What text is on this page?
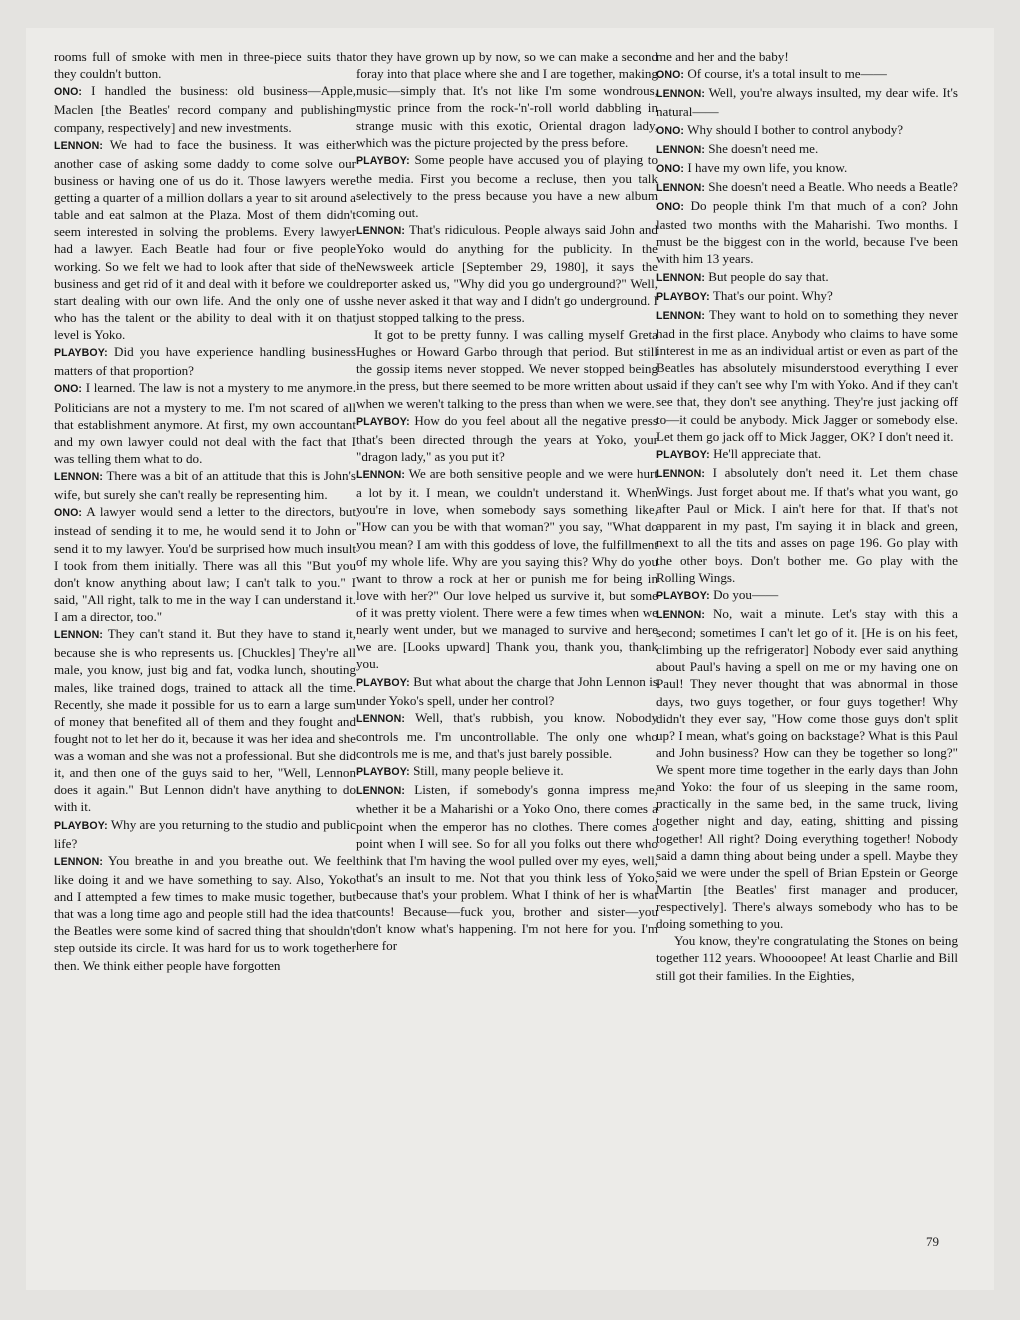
rooms full of smoke with men in three-piece suits that they couldn't button.

ONO: I handled the business: old business—Apple, Maclen [the Beatles' record company and publishing company, respectively] and new investments.

LENNON: We had to face the business. It was either another case of asking some daddy to come solve our business or having one of us do it. Those lawyers were getting a quarter of a million dollars a year to sit around a table and eat salmon at the Plaza. Most of them didn't seem interested in solving the problems. Every lawyer had a lawyer. Each Beatle had four or five people working. So we felt we had to look after that side of the business and get rid of it and deal with it before we could start dealing with our own life. And the only one of us who has the talent or the ability to deal with it on that level is Yoko.

PLAYBOY: Did you have experience handling business matters of that proportion?

ONO: I learned. The law is not a mystery to me anymore. Politicians are not a mystery to me. I'm not scared of all that establishment anymore. At first, my own accountant and my own lawyer could not deal with the fact that I was telling them what to do.

LENNON: There was a bit of an attitude that this is John's wife, but surely she can't really be representing him.

ONO: A lawyer would send a letter to the directors, but instead of sending it to me, he would send it to John or send it to my lawyer. You'd be surprised how much insult I took from them initially. There was all this "But you don't know anything about law; I can't talk to you." I said, "All right, talk to me in the way I can understand it. I am a director, too."

LENNON: They can't stand it. But they have to stand it, because she is who represents us. [Chuckles] They're all male, you know, just big and fat, vodka lunch, shouting males, like trained dogs, trained to attack all the time. Recently, she made it possible for us to earn a large sum of money that benefited all of them and they fought and fought not to let her do it, because it was her idea and she was a woman and she was not a professional. But she did it, and then one of the guys said to her, "Well, Lennon does it again." But Lennon didn't have anything to do with it.

PLAYBOY: Why are you returning to the studio and public life?

LENNON: You breathe in and you breathe out. We feel like doing it and we have something to say. Also, Yoko and I attempted a few times to make music together, but that was a long time ago and people still had the idea that the Beatles were some kind of sacred thing that shouldn't step outside its circle. It was hard for us to work together then. We think either people have forgotten

or they have grown up by now, so we can make a second foray into that place where she and I are together, making music—simply that. It's not like I'm some wondrous, mystic prince from the rock-'n'-roll world dabbling in strange music with this exotic, Oriental dragon lady, which was the picture projected by the press before.

PLAYBOY: Some people have accused you of playing to the media. First you become a recluse, then you talk selectively to the press because you have a new album coming out.

LENNON: That's ridiculous. People always said John and Yoko would do anything for the publicity. In the Newsweek article [September 29, 1980], it says the reporter asked us, "Why did you go underground?" Well, she never asked it that way and I didn't go underground. I just stopped talking to the press.

It got to be pretty funny. I was calling myself Greta Hughes or Howard Garbo through that period. But still the gossip items never stopped. We never stopped being in the press, but there seemed to be more written about us when we weren't talking to the press than when we were.

PLAYBOY: How do you feel about all the negative press that's been directed through the years at Yoko, your "dragon lady," as you put it?

LENNON: We are both sensitive people and we were hurt a lot by it. I mean, we couldn't understand it. When you're in love, when somebody says something like, "How can you be with that woman?" you say, "What do you mean? I am with this goddess of love, the fulfillment of my whole life. Why are you saying this? Why do you want to throw a rock at her or punish me for being in love with her?" Our love helped us survive it, but some of it was pretty violent. There were a few times when we nearly went under, but we managed to survive and here we are. [Looks upward] Thank you, thank you, thank you.

PLAYBOY: But what about the charge that John Lennon is under Yoko's spell, under her control?

LENNON: Well, that's rubbish, you know. Nobody controls me. I'm uncontrollable. The only one who controls me is me, and that's just barely possible.

PLAYBOY: Still, many people believe it.

LENNON: Listen, if somebody's gonna impress me, whether it be a Maharishi or a Yoko Ono, there comes a point when the emperor has no clothes. There comes a point when I will see. So for all you folks out there who think that I'm having the wool pulled over my eyes, well, that's an insult to me. Not that you think less of Yoko, because that's your problem. What I think of her is what counts! Because—fuck you, brother and sister—you don't know what's happening. I'm not here for you. I'm here for

me and her and the baby!

ONO: Of course, it's a total insult to me——

LENNON: Well, you're always insulted, my dear wife. It's natural——

ONO: Why should I bother to control anybody?

LENNON: She doesn't need me.

ONO: I have my own life, you know.

LENNON: She doesn't need a Beatle. Who needs a Beatle?

ONO: Do people think I'm that much of a con? John lasted two months with the Maharishi. Two months. I must be the biggest con in the world, because I've been with him 13 years.

LENNON: But people do say that.

PLAYBOY: That's our point. Why?

LENNON: They want to hold on to something they never had in the first place. Anybody who claims to have some interest in me as an individual artist or even as part of the Beatles has absolutely misunderstood everything I ever said if they can't see why I'm with Yoko. And if they can't see that, they don't see anything. They're just jacking off to—it could be anybody. Mick Jagger or somebody else. Let them go jack off to Mick Jagger, OK? I don't need it.

PLAYBOY: He'll appreciate that.

LENNON: I absolutely don't need it. Let them chase Wings. Just forget about me. If that's what you want, go after Paul or Mick. I ain't here for that. If that's not apparent in my past, I'm saying it in black and green, next to all the tits and asses on page 196. Go play with the other boys. Don't bother me. Go play with the Rolling Wings.

PLAYBOY: Do you——

LENNON: No, wait a minute. Let's stay with this a second; sometimes I can't let go of it. [He is on his feet, climbing up the refrigerator] Nobody ever said anything about Paul's having a spell on me or my having one on Paul! They never thought that was abnormal in those days, two guys together, or four guys together! Why didn't they ever say, "How come those guys don't split up? I mean, what's going on backstage? What is this Paul and John business? How can they be together so long?" We spent more time together in the early days than John and Yoko: the four of us sleeping in the same room, practically in the same bed, in the same truck, living together night and day, eating, shitting and pissing together! All right? Doing everything together! Nobody said a damn thing about being under a spell. Maybe they said we were under the spell of Brian Epstein or George Martin [the Beatles' first manager and producer, respectively]. There's always somebody who has to be doing something to you.

You know, they're congratulating the Stones on being together 112 years. Whoooopee! At least Charlie and Bill still got their families. In the Eighties,

79
